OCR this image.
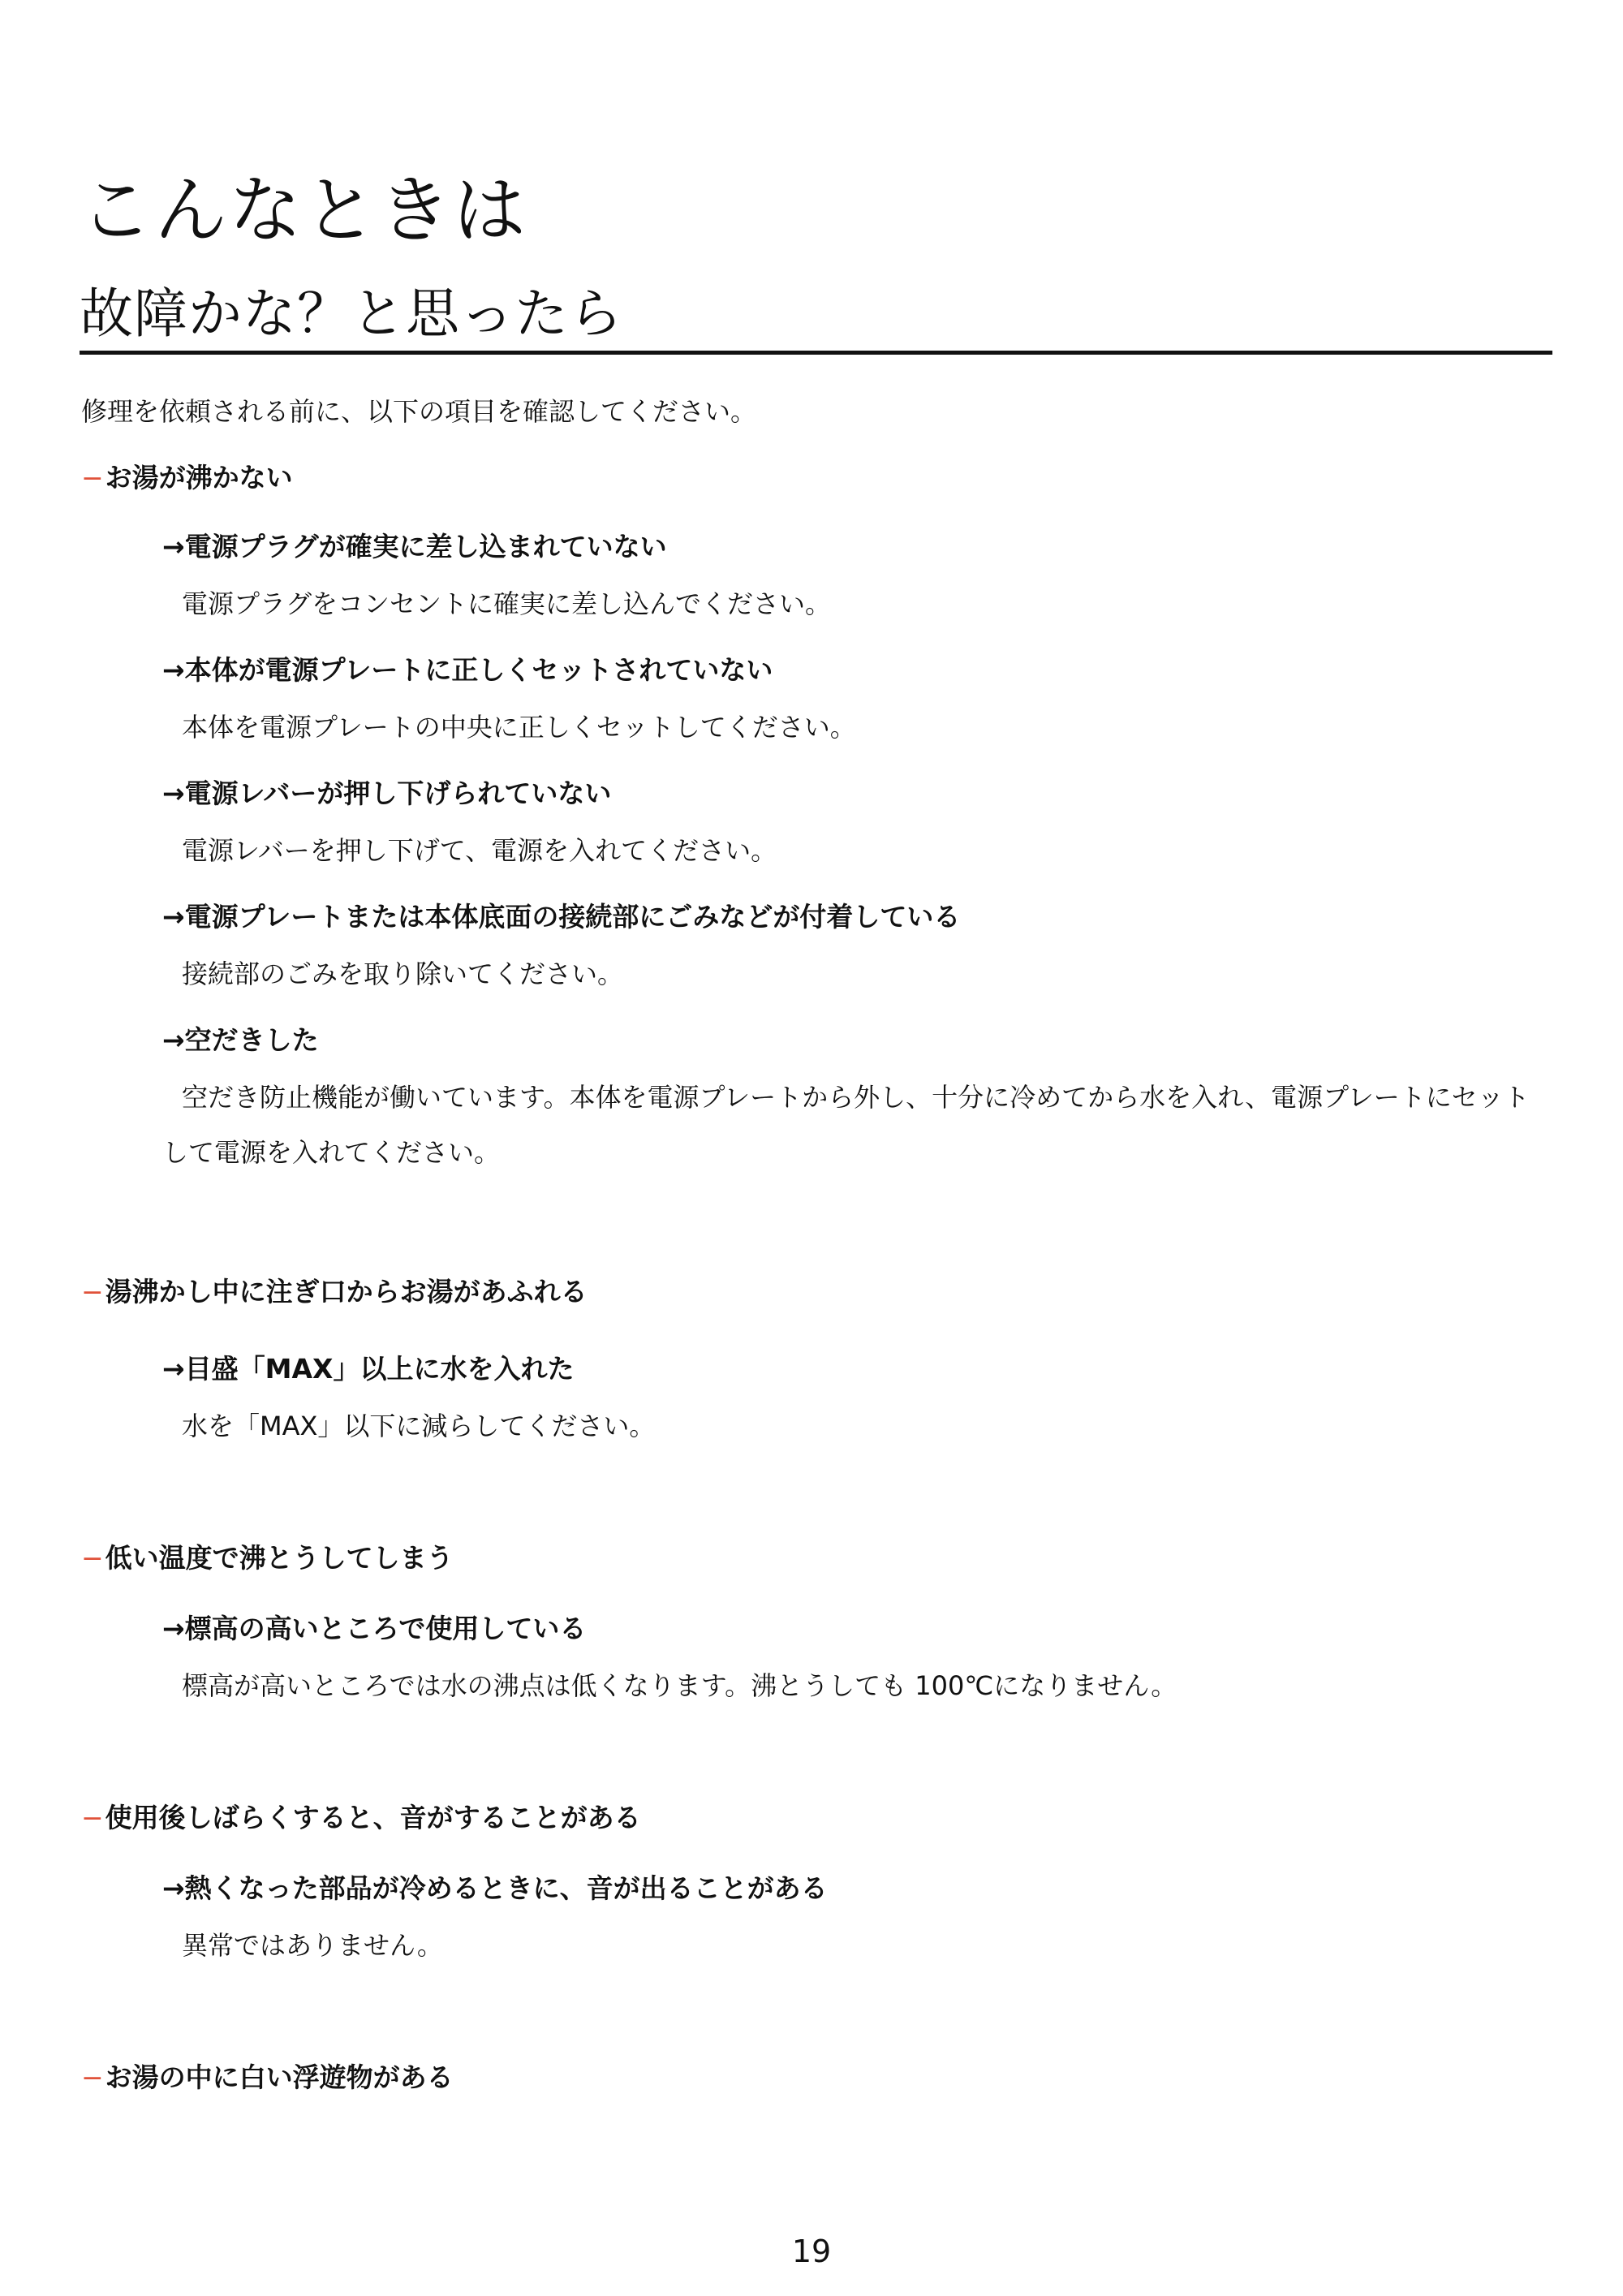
こんなときは
故障かな？と思ったら

修理を依頼される前に、以下の項目を確認してください。

−お湯が沸かない

→電源プラグが確実に差し込まれていない

電源プラグをコンセントに確実に差し込んでください。

→本体が電源プレートに正しくセットされていない

本体を電源プレートの中央に正しくセットしてください。

→電源レバーが押し下げられていない

電源レバーを押し下げて、電源を入れてください。

→電源プレートまたは本体底面の接続部にごみなどが付着している

接続部のごみを取り除いてください。

→空だきした

空だき防止機能が働いています。本体を電源プレートから外し、十分に冷めてから水を入れ、電源プレートにセットして電源を入れてください。

−湯沸かし中に注ぎ口からお湯があふれる

→目盛「MAX」以上に水を入れた

水を「MAX」以下に減らしてください。

−低い温度で沸とうしてしまう

→標高の高いところで使用している

標高が高いところでは水の沸点は低くなります。沸とうしても 100℃になりません。

−使用後しばらくすると、音がすることがある

→熱くなった部品が冷めるときに、音が出ることがある

異常ではありません。

−お湯の中に白い浮遊物がある

19
